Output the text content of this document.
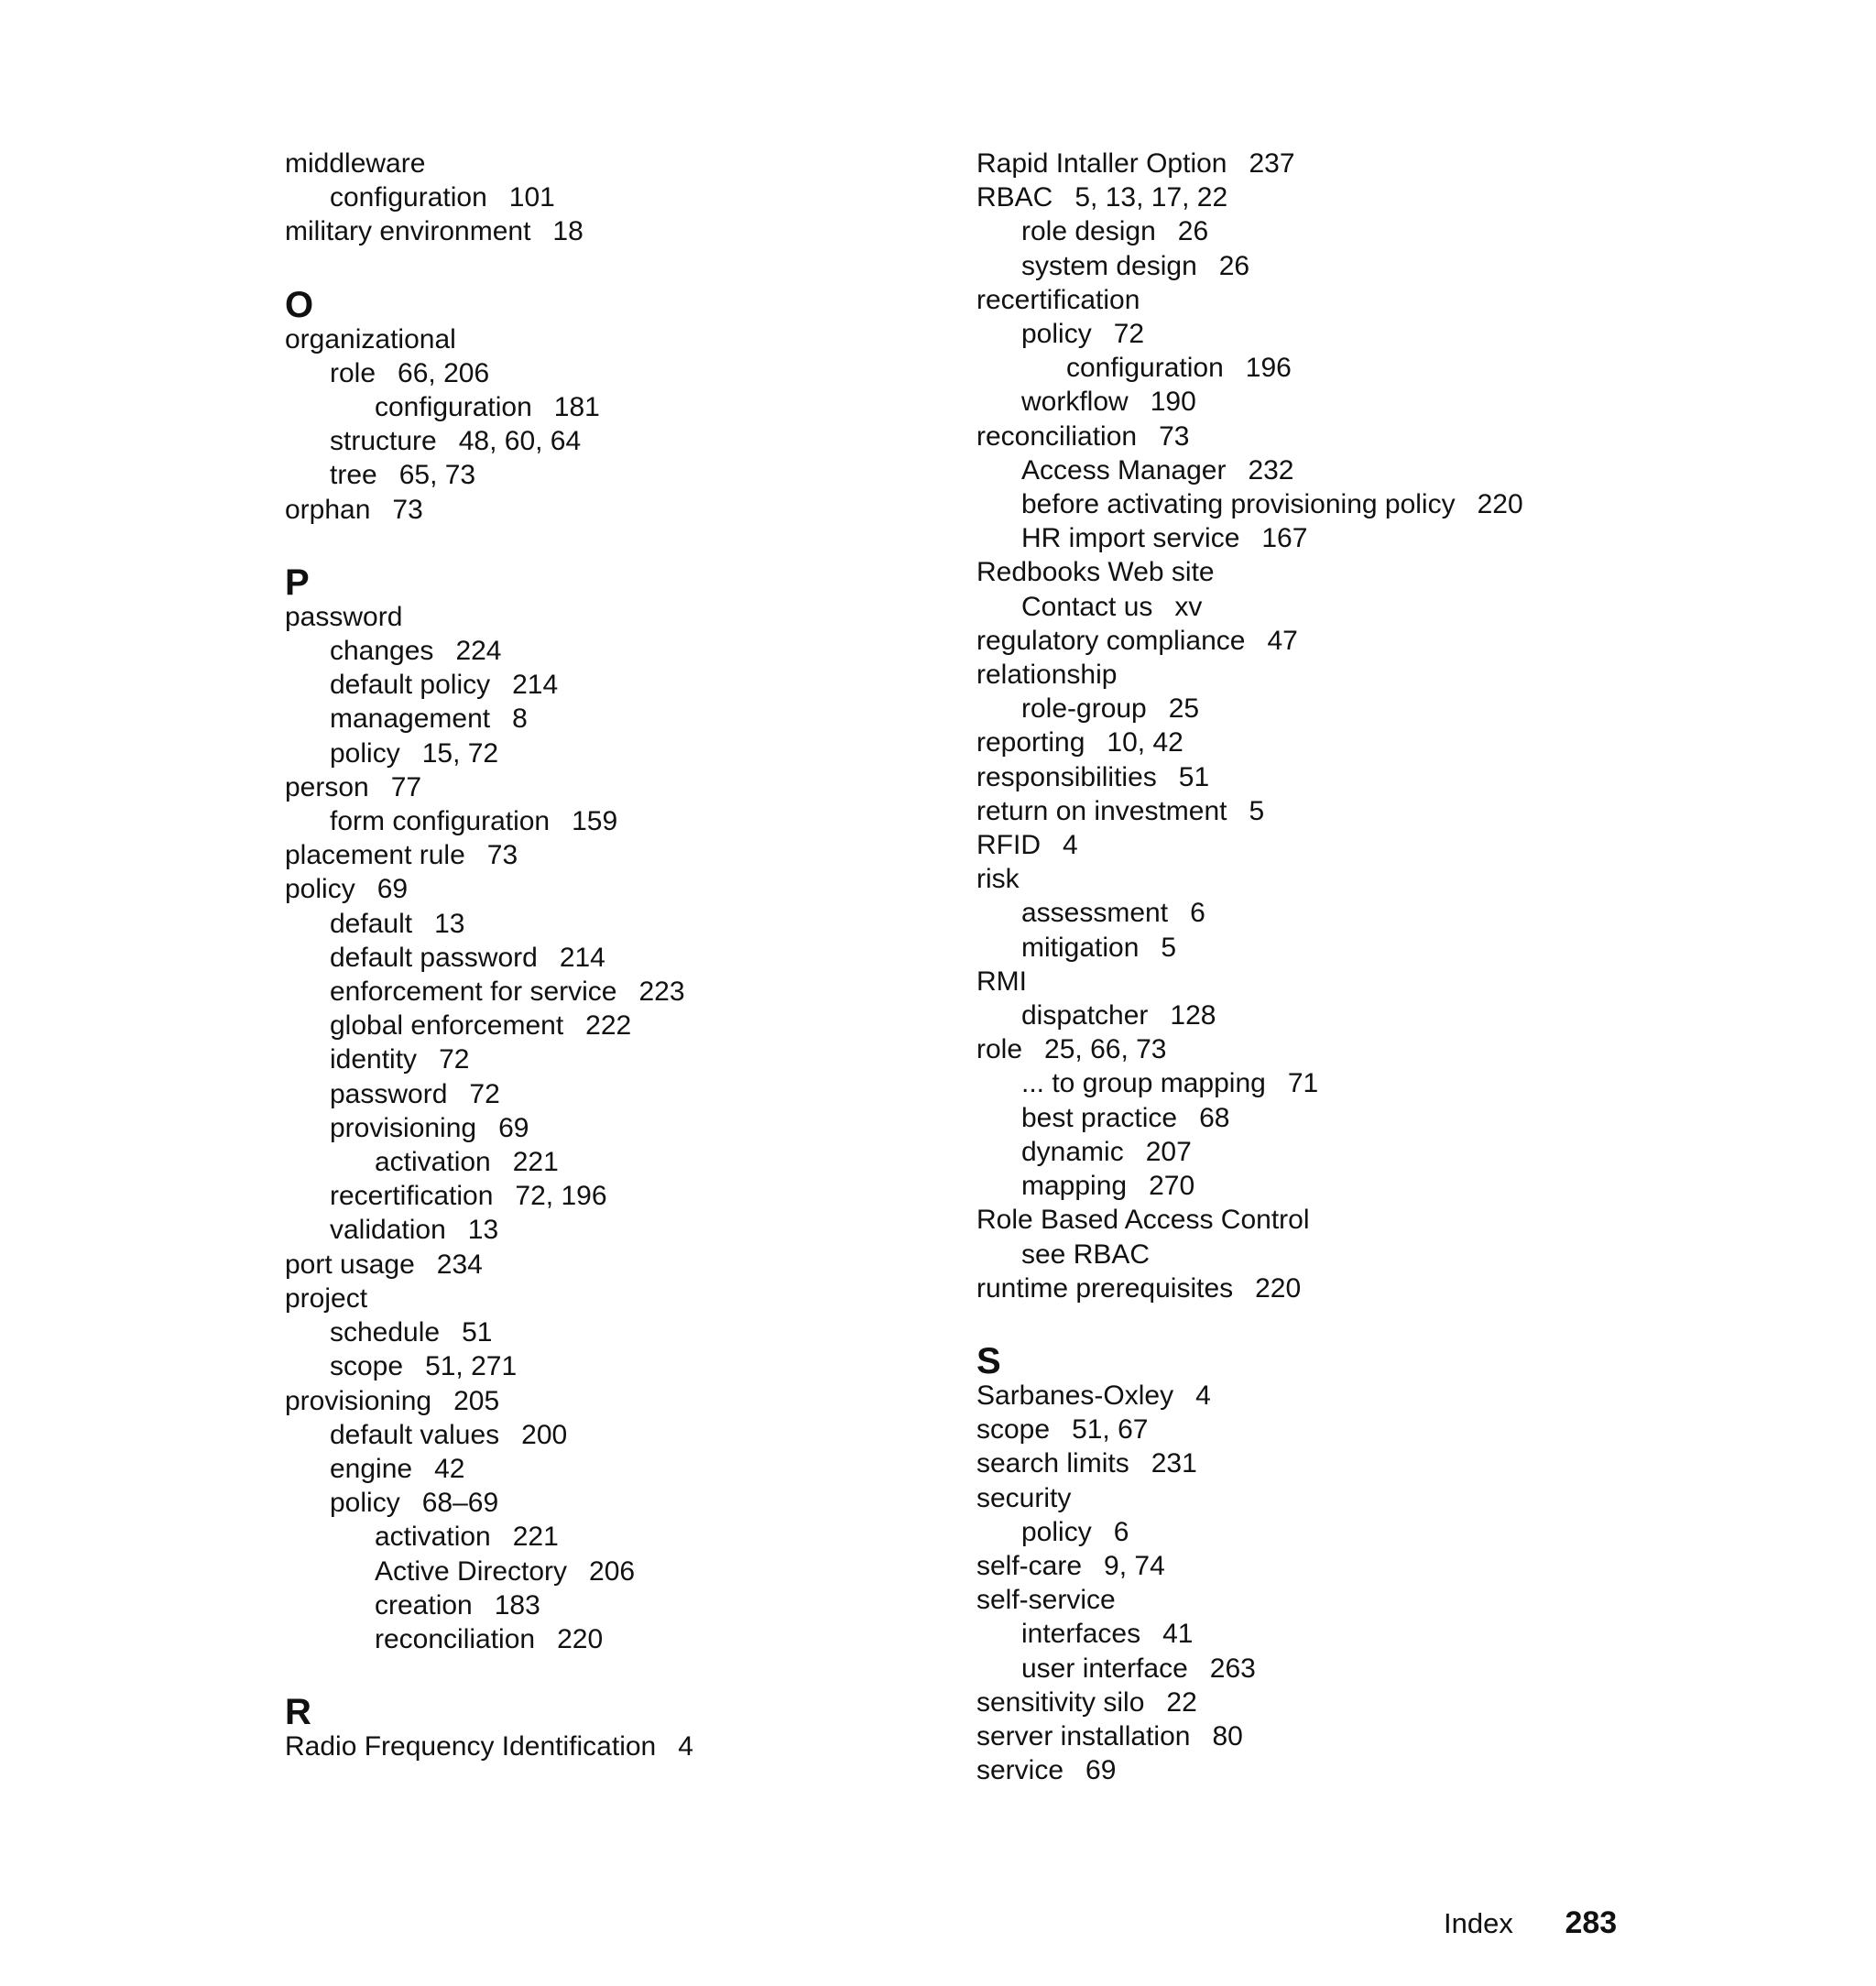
middleware
configuration 101
military environment 18
O
organizational
role 66, 206
configuration 181
structure 48, 60, 64
tree 65, 73
orphan 73
P
password
changes 224
default policy 214
management 8
policy 15, 72
person 77
form configuration 159
placement rule 73
policy 69
default 13
default password 214
enforcement for service 223
global enforcement 222
identity 72
password 72
provisioning 69
activation 221
recertification 72, 196
validation 13
port usage 234
project
schedule 51
scope 51, 271
provisioning 205
default values 200
engine 42
policy 68–69
activation 221
Active Directory 206
creation 183
reconciliation 220
R
Radio Frequency Identification 4
Rapid Intaller Option 237
RBAC 5, 13, 17, 22
role design 26
system design 26
recertification
policy 72
configuration 196
workflow 190
reconciliation 73
Access Manager 232
before activating provisioning policy 220
HR import service 167
Redbooks Web site
Contact us xv
regulatory compliance 47
relationship
role-group 25
reporting 10, 42
responsibilities 51
return on investment 5
RFID 4
risk
assessment 6
mitigation 5
RMI
dispatcher 128
role 25, 66, 73
... to group mapping 71
best practice 68
dynamic 207
mapping 270
Role Based Access Control
see RBAC
runtime prerequisites 220
S
Sarbanes-Oxley 4
scope 51, 67
search limits 231
security
policy 6
self-care 9, 74
self-service
interfaces 41
user interface 263
sensitivity silo 22
server installation 80
service 69
Index 283
